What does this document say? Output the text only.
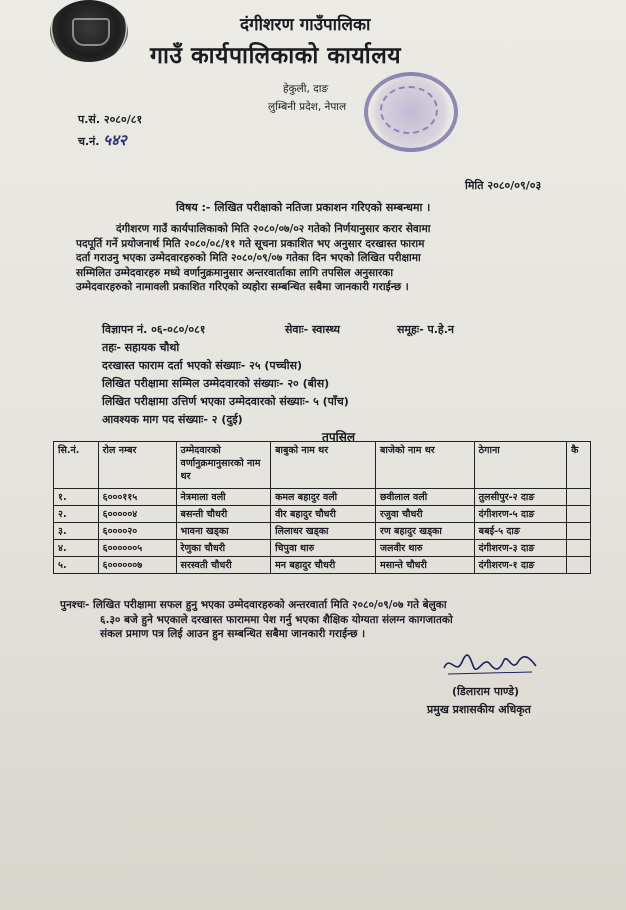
दंगीशरण गाउँपालिका
गाउँ कार्यपालिकाको कार्यालय
हेकुली, दाङ
लुम्बिनी प्रदेश, नेपाल
प.सं. २०८०/८१
च.नं. ५४२
मिति २०८०/०९/०३
विषय :- लिखित परीक्षाको नतिजा प्रकाशन गरिएको सम्बन्धमा ।
दंगीशरण गाउँ कार्यपालिकाको मिति २०८०/०७/०२ गतेको निर्णयानुसार करार सेवामा
पदपूर्ति गर्ने प्रयोजनार्थ मिति २०८०/०८/११ गते सूचना प्रकाशित भए अनुसार दरखास्त फाराम
दर्ता गराउनु भएका उम्मेदवारहरुको मिति २०८०/०९/०७ गतेका दिन भएको लिखित परीक्षामा
सम्मिलित उम्मेदवारहरु मध्ये वर्णानुक्रमानुसार अन्तरवार्ताका लागि तपसिल अनुसारका
उम्मेदवारहरुको नामावली प्रकाशित गरिएको व्यहोरा सम्बन्धित सबैमा जानकारी गराईन्छ ।
विज्ञापन नं. ०६-०८०/०८१	सेवाः- स्वास्थ्य	समूहः- प.हे.न
तहः- सहायक चौथो
दरखास्त फाराम दर्ता भएको संख्याः- २५ (पच्चीस)
लिखित परीक्षामा सम्मिल उम्मेदवारको संख्याः- २० (बीस)
लिखित परीक्षामा उत्तिर्ण भएका उम्मेदवारको संख्याः- ५ (पाँच)
आवश्यक माग पद संख्याः- २ (दुई)
तपसिल
सि.नं.	रोल नम्बर	उम्मेदवारको वर्णानुक्रमानुसारको नाम थर	बाबुको नाम थर	बाजेको नाम थर	ठेगाना	कै
१.	६०००११५	नेत्रमाला वली	कमल बहादुर वली	छवीलाल वली	तुलसीपुर-२ दाङ	
२.	६०००००४	बसन्ती चौधरी	वीर बहादुर चौधरी	रजुवा चौधरी	दंगीशरण-५ दाङ	
३.	६००००२०	भावना खड्का	लिलाधर खड्का	रण बहादुर खड्का	बबई-५ दाङ	
४.	६००००००५	रेणुका चौधरी	चिपुवा थारु	जलवीर थारु	दंगीशरण-३ दाङ	
५.	६००००००७	सरस्वती चौधरी	मन बहादुर चौधरी	मसान्ते चौधरी	दंगीशरण-१ दाङ	
पुनश्चः- लिखित परीक्षामा सफल हुनु भएका उम्मेदवारहरुको अन्तरवार्ता मिति २०८०/०९/०७ गते बेलुका
६.३० बजे हुने भएकाले दरखास्त फाराममा पेश गर्नु भएका शैक्षिक योग्यता संलग्न कागजातको
संकल प्रमाण पत्र लिई आउन हुन सम्बन्धित सबैमा जानकारी गराईन्छ ।
(डिलाराम पाण्डे)
प्रमुख प्रशासकीय अधिकृत
